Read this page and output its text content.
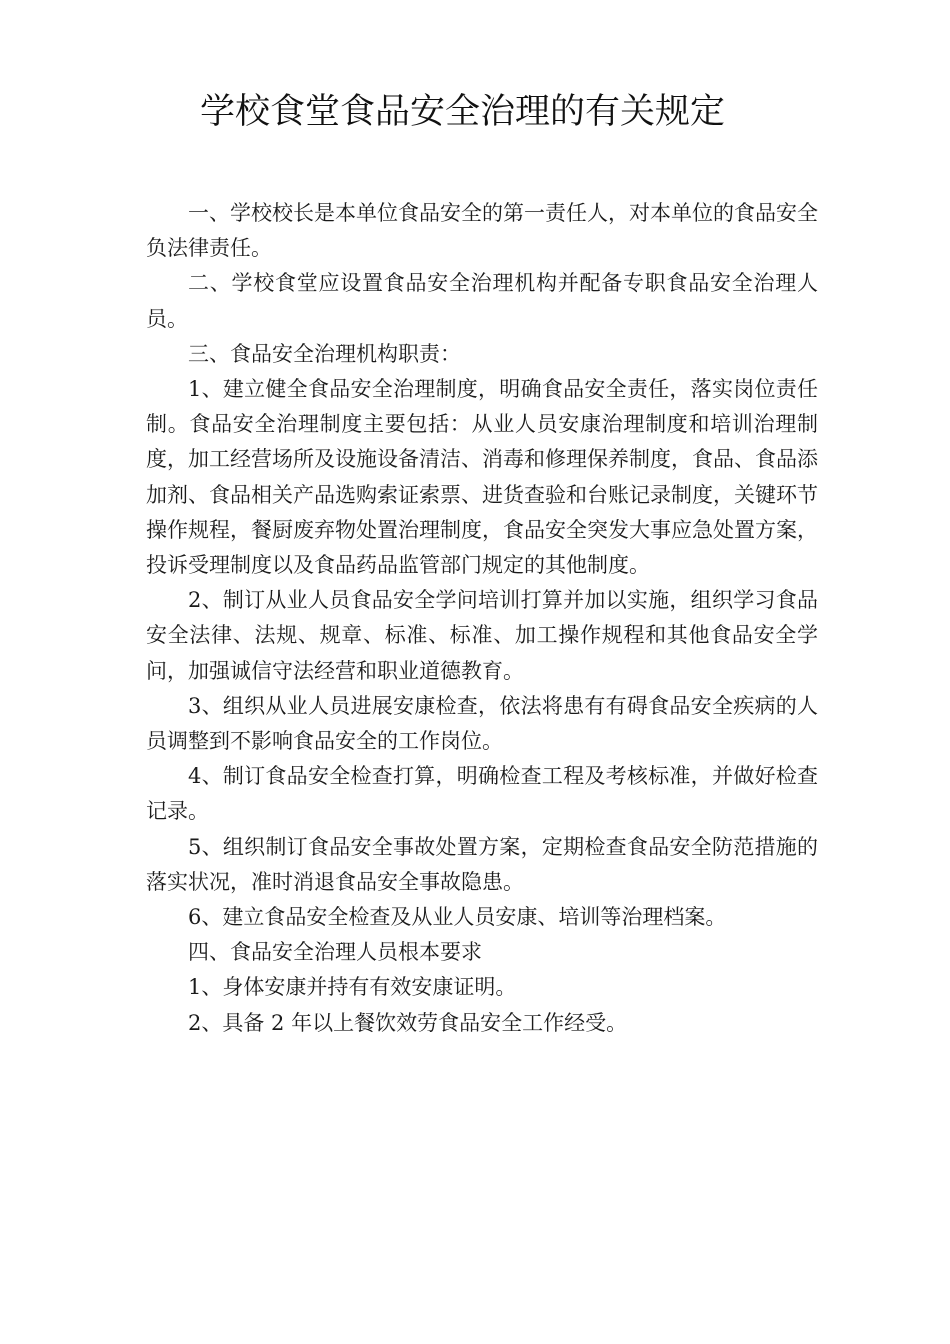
学校食堂食品安全治理的有关规定

一、学校校长是本单位食品安全的第一责任人，对本单位的食品安全负法律责任。

二、学校食堂应设置食品安全治理机构并配备专职食品安全治理人员。

三、食品安全治理机构职责：

1、建立健全食品安全治理制度，明确食品安全责任，落实岗位责任制。食品安全治理制度主要包括：从业人员安康治理制度和培训治理制度，加工经营场所及设施设备清洁、消毒和修理保养制度，食品、食品添加剂、食品相关产品选购索证索票、进货查验和台账记录制度，关键环节操作规程，餐厨废弃物处置治理制度，食品安全突发大事应急处置方案，投诉受理制度以及食品药品监管部门规定的其他制度。

2、制订从业人员食品安全学问培训打算并加以实施，组织学习食品安全法律、法规、规章、标准、标准、加工操作规程和其他食品安全学问，加强诚信守法经营和职业道德教育。

3、组织从业人员进展安康检查，依法将患有有碍食品安全疾病的人员调整到不影响食品安全的工作岗位。

4、制订食品安全检查打算，明确检查工程及考核标准，并做好检查记录。

5、组织制订食品安全事故处置方案，定期检查食品安全防范措施的落实状况，准时消退食品安全事故隐患。

6、建立食品安全检查及从业人员安康、培训等治理档案。

四、食品安全治理人员根本要求

1、身体安康并持有有效安康证明。

2、具备 2 年以上餐饮效劳食品安全工作经受。
